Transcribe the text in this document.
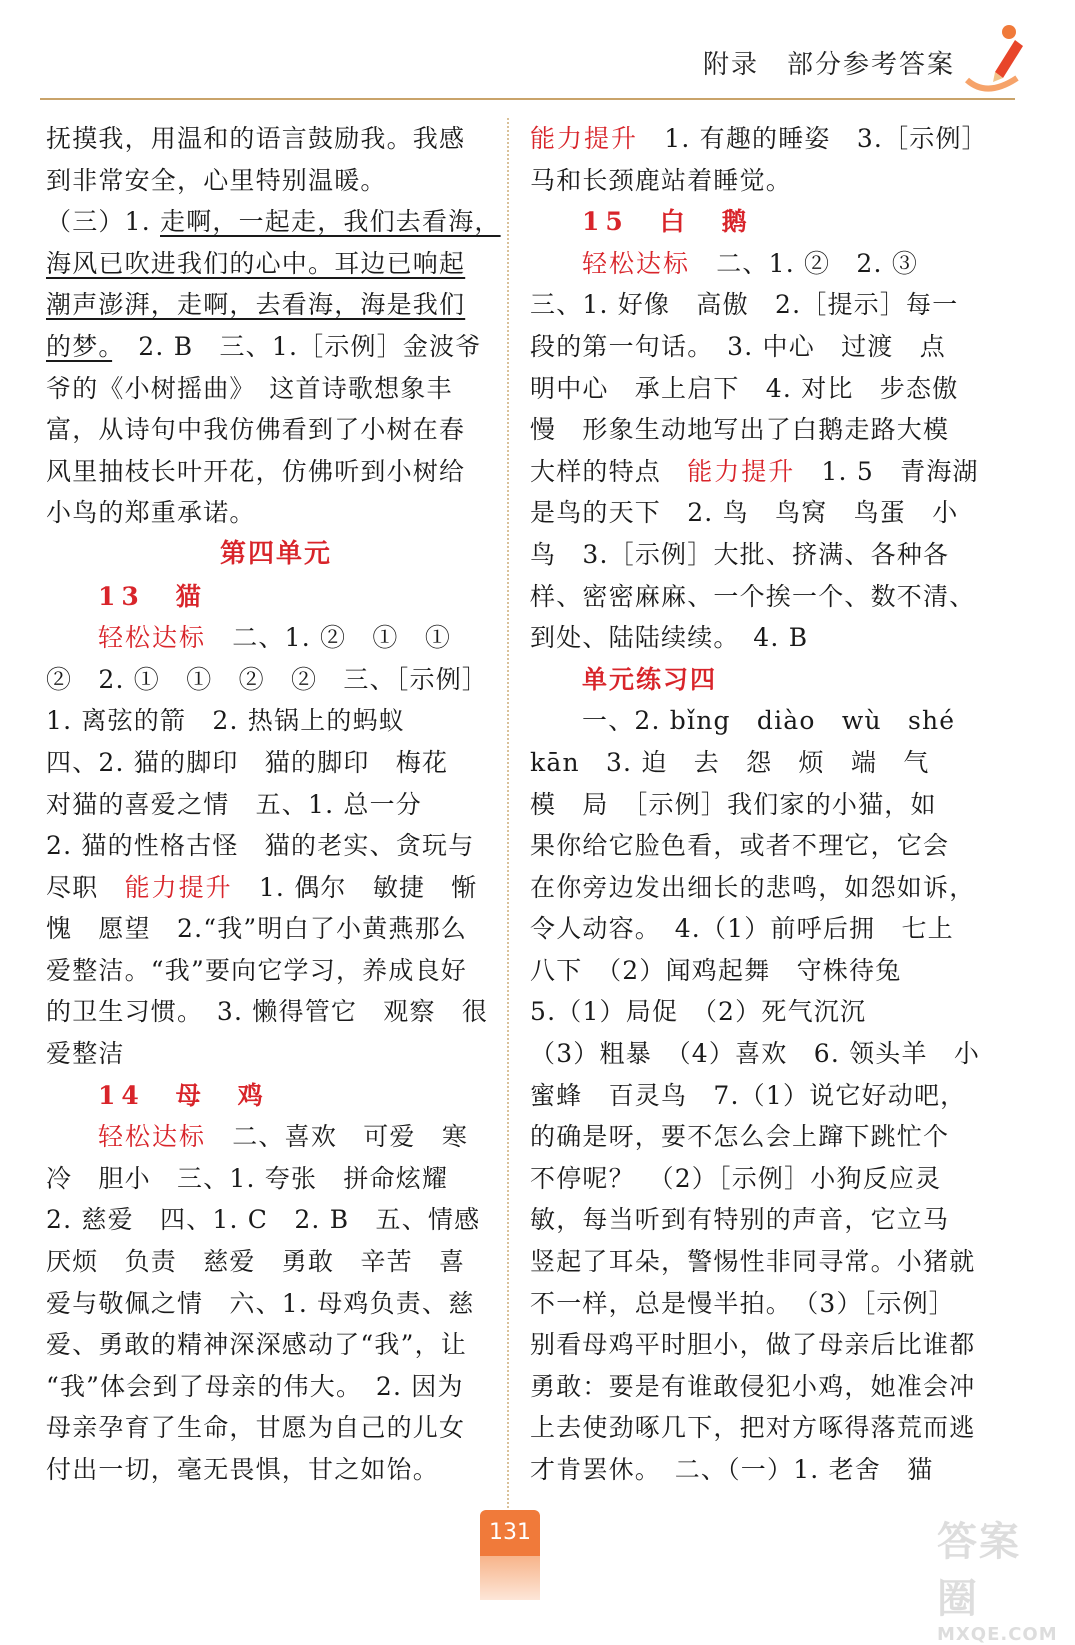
附录　部分参考答案

抚摸我，用温和的语言鼓励我。我感

到非常安全，心里特别温暖。

（三）1. 走啊，一起走，我们去看海，

海风已吹进我们的心中。耳边已响起

潮声澎湃，走啊，去看海，海是我们

的梦。　2. B　三、1.［示例］金波爷

爷的《小树摇曲》　这首诗歌想象丰

富，从诗句中我仿佛看到了小树在春

风里抽枝长叶开花，仿佛听到小树给

小鸟的郑重承诺。

第四单元

13　猫

轻松达标　二、1. ②　①　①

②　2. ①　①　②　②　三、［示例］

1. 离弦的箭　2. 热锅上的蚂蚁

四、2. 猫的脚印　猫的脚印　梅花

对猫的喜爱之情　五、1. 总一分

2. 猫的性格古怪　猫的老实、贪玩与

尽职　能力提升　1. 偶尔　敏捷　惭

愧　愿望　2.“我”明白了小黄燕那么

爱整洁。“我”要向它学习，养成良好

的卫生习惯。　3. 懒得管它　观察　很

爱整洁

14　母　鸡

轻松达标　二、喜欢　可爱　寒

冷　胆小　三、1. 夸张　拼命炫耀

2. 慈爱　四、1. C　2. B　五、情感

厌烦　负责　慈爱　勇敢　辛苦　喜

爱与敬佩之情　六、1. 母鸡负责、慈

爱、勇敢的精神深深感动了“我”，让

“我”体会到了母亲的伟大。　2. 因为

母亲孕育了生命，甘愿为自己的儿女

付出一切，毫无畏惧，甘之如饴。

能力提升　1. 有趣的睡姿　3.［示例］

马和长颈鹿站着睡觉。

15　白　鹅

轻松达标　二、1. ②　2. ③

三、1. 好像　高傲　2.［提示］每一

段的第一句话。　3. 中心　过渡　点

明中心　承上启下　4. 对比　步态傲

慢　形象生动地写出了白鹅走路大模

大样的特点　能力提升　1. 5　青海湖

是鸟的天下　2. 鸟　鸟窝　鸟蛋　小

鸟　3.［示例］大批、挤满、各种各

样、密密麻麻、一个挨一个、数不清、

到处、陆陆续续。　4. B

单元练习四

一、2. bǐng　diào　wù　shé

kān　3. 迫　去　怨　烦　端　气

模　局　［示例］我们家的小猫，如

果你给它脸色看，或者不理它，它会

在你旁边发出细长的悲鸣，如怨如诉，

令人动容。　4.（1）前呼后拥　七上

八下　（2）闻鸡起舞　守株待兔

5.（1）局促　（2）死气沉沉

（3）粗暴　（4）喜欢　6. 领头羊　小

蜜蜂　百灵鸟　7.（1）说它好动吧，

的确是呀，要不怎么会上蹿下跳忙个

不停呢？　（2）［示例］小狗反应灵

敏，每当听到有特别的声音，它立马

竖起了耳朵，警惕性非同寻常。小猪就

不一样，总是慢半拍。　（3）［示例］

别看母鸡平时胆小，做了母亲后比谁都

勇敢：要是有谁敢侵犯小鸡，她准会冲

上去使劲啄几下，把对方啄得落荒而逃

才肯罢休。　二、（一）1. 老舍　猫

131	答案圈
MXQE.COM
